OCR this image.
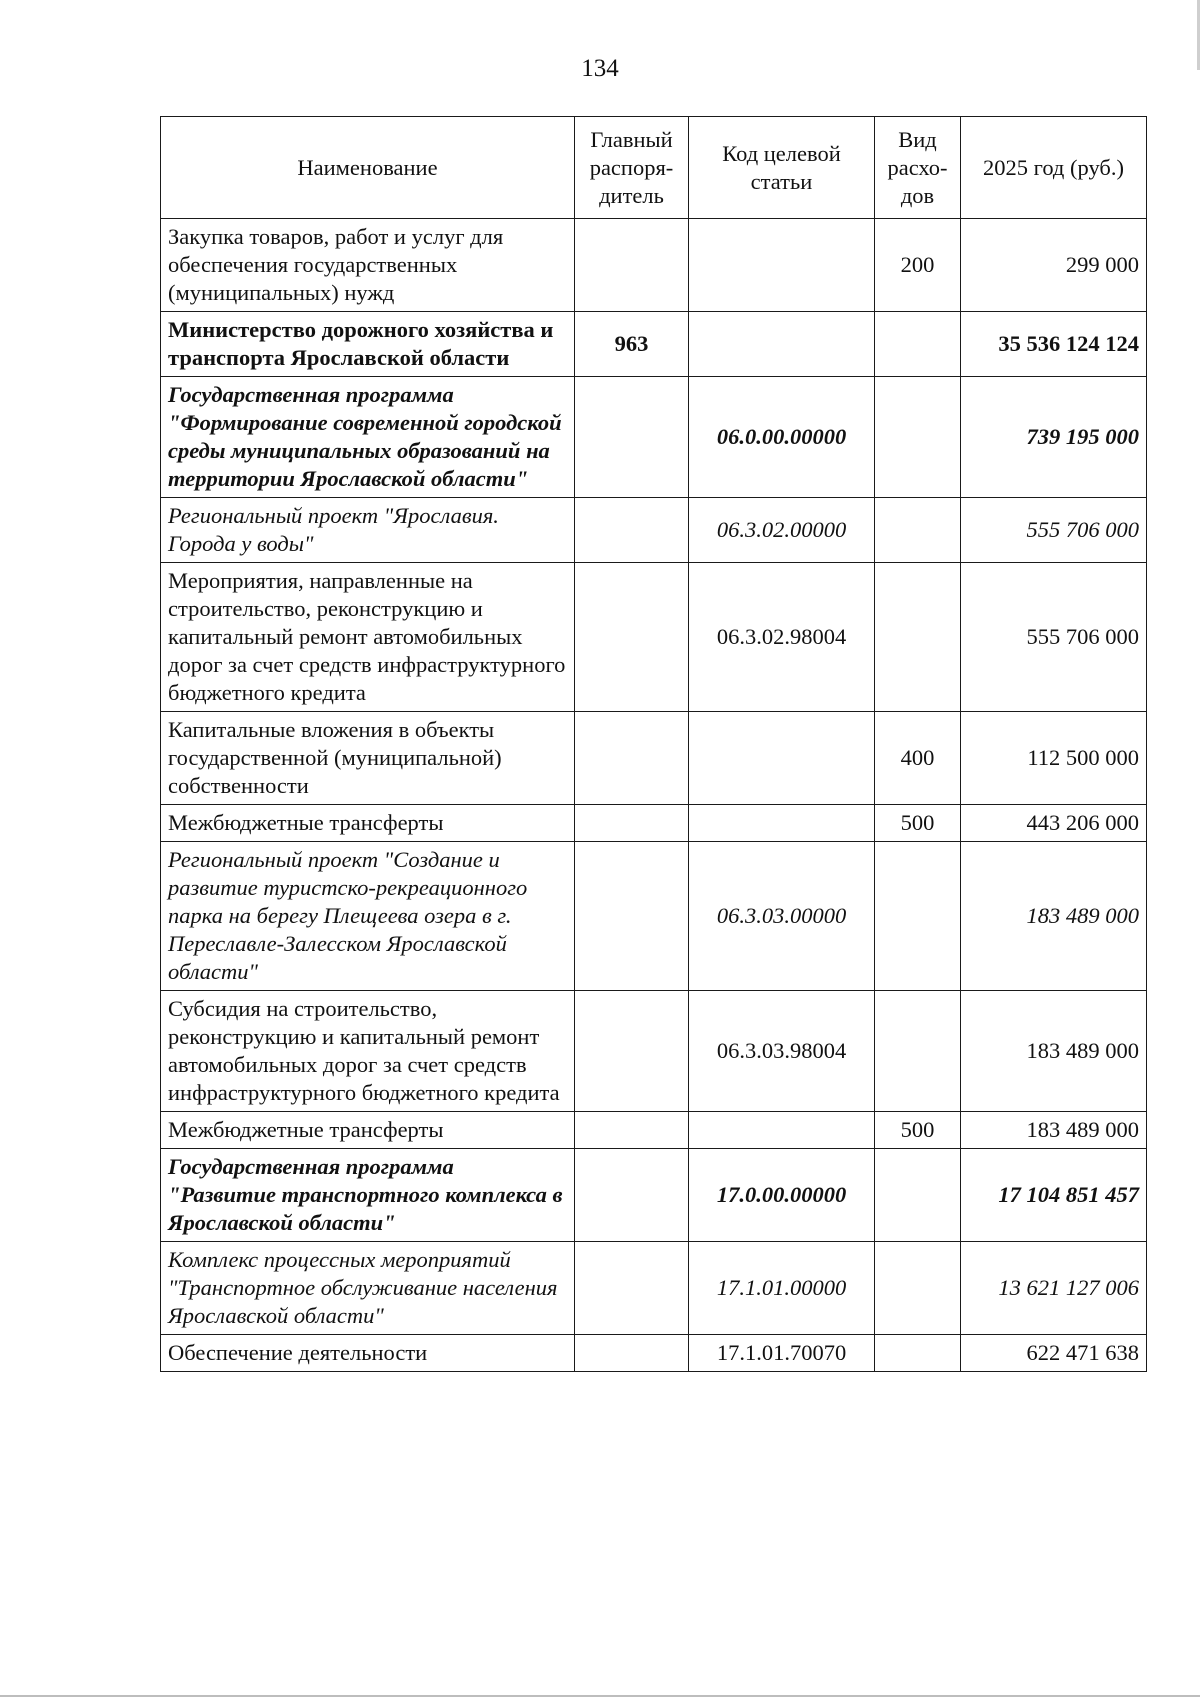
134
Наименование	Главный распоря-дитель	Код целевой статьи	Вид расхо-дов	2025 год (руб.)
Закупка товаров, работ и услуг для обеспечения государственных (муниципальных) нужд			200	299 000
Министерство дорожного хозяйства и транспорта Ярославской области	963			35 536 124 124
Государственная программа "Формирование современной городской среды муниципальных образований на территории Ярославской области"		06.0.00.00000		739 195 000
Региональный проект "Ярославия. Города у воды"		06.3.02.00000		555 706 000
Мероприятия, направленные на строительство, реконструкцию и капитальный ремонт автомобильных дорог за счет средств инфраструктурного бюджетного кредита		06.3.02.98004		555 706 000
Капитальные вложения в объекты государственной (муниципальной) собственности			400	112 500 000
Межбюджетные трансферты			500	443 206 000
Региональный проект "Создание и развитие туристско-рекреационного парка на берегу Плещеева озера в г. Переславле-Залесском Ярославской области"		06.3.03.00000		183 489 000
Субсидия на строительство, реконструкцию и капитальный ремонт автомобильных дорог за счет средств инфраструктурного бюджетного кредита		06.3.03.98004		183 489 000
Межбюджетные трансферты			500	183 489 000
Государственная программа "Развитие транспортного комплекса в Ярославской области"		17.0.00.00000		17 104 851 457
Комплекс процессных мероприятий "Транспортное обслуживание населения Ярославской области"		17.1.01.00000		13 621 127 006
Обеспечение деятельности		17.1.01.70070		622 471 638
